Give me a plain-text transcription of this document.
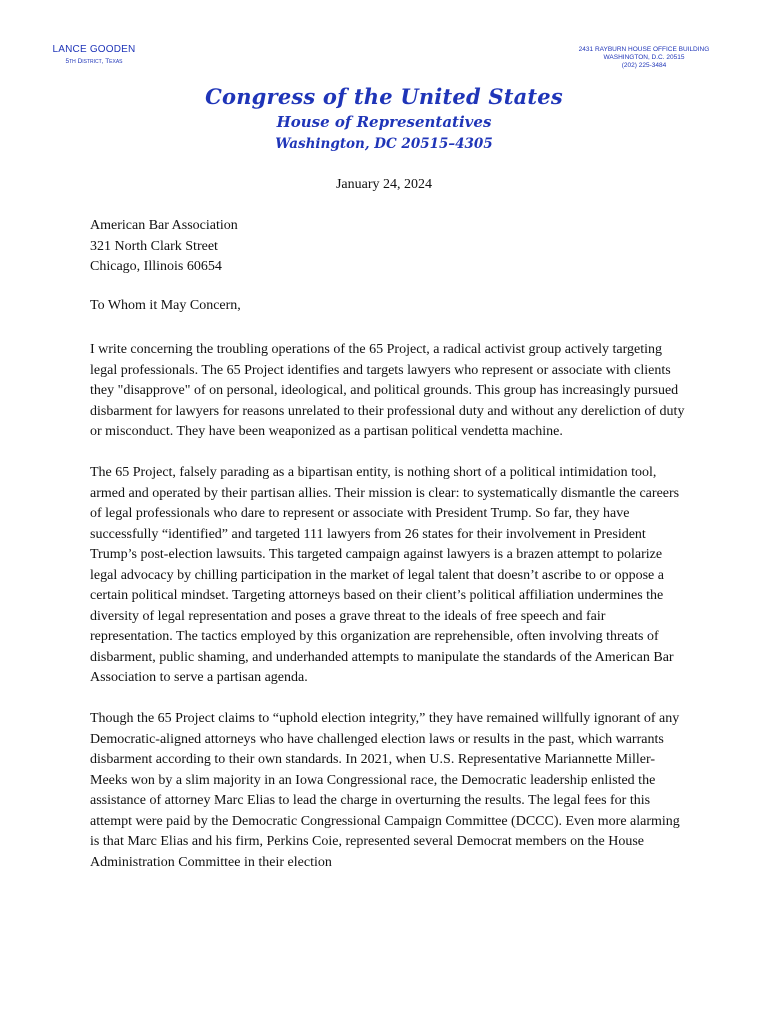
LANCE GOODEN
5th District, Texas
2431 RAYBURN HOUSE OFFICE BUILDING
WASHINGTON, D.C. 20515
(202) 225-3484
Congress of the United States
House of Representatives
Washington, DC 20515–4305
January 24, 2024
American Bar Association
321 North Clark Street
Chicago, Illinois 60654
To Whom it May Concern,

I write concerning the troubling operations of the 65 Project, a radical activist group actively targeting legal professionals. The 65 Project identifies and targets lawyers who represent or associate with clients they "disapprove" of on personal, ideological, and political grounds. This group has increasingly pursued disbarment for lawyers for reasons unrelated to their professional duty and without any dereliction of duty or misconduct. They have been weaponized as a partisan political vendetta machine.

The 65 Project, falsely parading as a bipartisan entity, is nothing short of a political intimidation tool, armed and operated by their partisan allies. Their mission is clear: to systematically dismantle the careers of legal professionals who dare to represent or associate with President Trump. So far, they have successfully “identified” and targeted 111 lawyers from 26 states for their involvement in President Trump’s post-election lawsuits. This targeted campaign against lawyers is a brazen attempt to polarize legal advocacy by chilling participation in the market of legal talent that doesn’t ascribe to or oppose a certain political mindset. Targeting attorneys based on their client’s political affiliation undermines the diversity of legal representation and poses a grave threat to the ideals of free speech and fair representation. The tactics employed by this organization are reprehensible, often involving threats of disbarment, public shaming, and underhanded attempts to manipulate the standards of the American Bar Association to serve a partisan agenda.

Though the 65 Project claims to “uphold election integrity,” they have remained willfully ignorant of any Democratic-aligned attorneys who have challenged election laws or results in the past, which warrants disbarment according to their own standards. In 2021, when U.S. Representative Mariannette Miller-Meeks won by a slim majority in an Iowa Congressional race, the Democratic leadership enlisted the assistance of attorney Marc Elias to lead the charge in overturning the results. The legal fees for this attempt were paid by the Democratic Congressional Campaign Committee (DCCC). Even more alarming is that Marc Elias and his firm, Perkins Coie, represented several Democrat members on the House Administration Committee in their election
